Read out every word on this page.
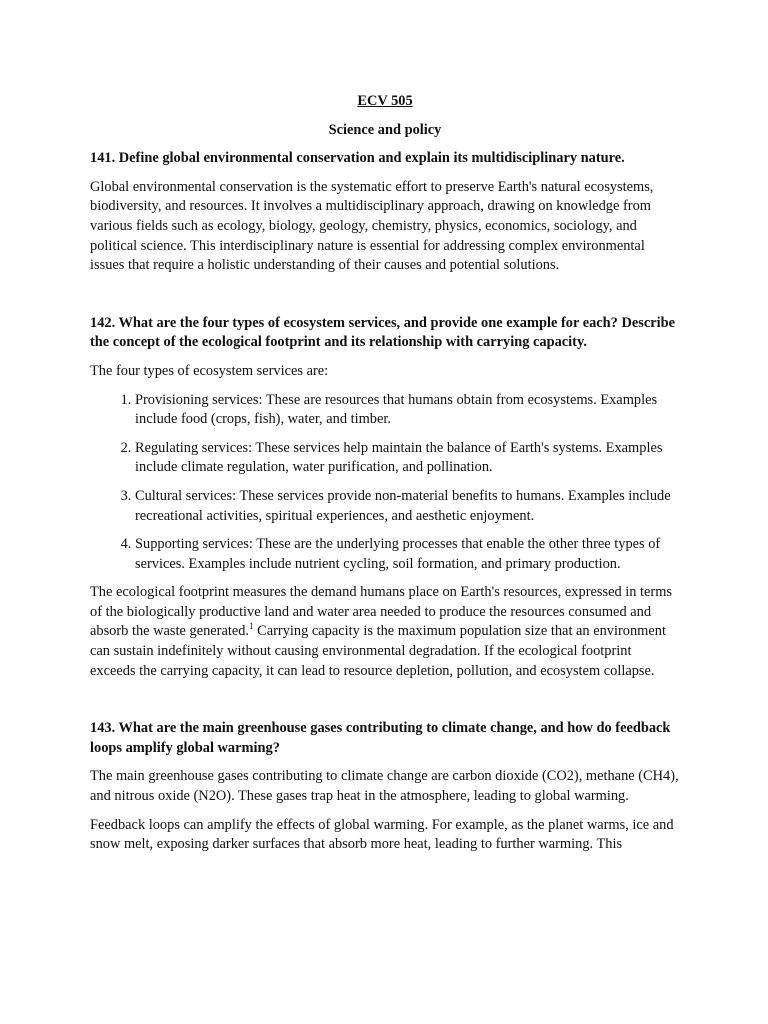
ECV 505

Science and policy

141. Define global environmental conservation and explain its multidisciplinary nature.

Global environmental conservation is the systematic effort to preserve Earth's natural ecosystems, biodiversity, and resources. It involves a multidisciplinary approach, drawing on knowledge from various fields such as ecology, biology, geology, chemistry, physics, economics, sociology, and political science. This interdisciplinary nature is essential for addressing complex environmental issues that require a holistic understanding of their causes and potential solutions.

142. What are the four types of ecosystem services, and provide one example for each? Describe the concept of the ecological footprint and its relationship with carrying capacity.

The four types of ecosystem services are:

1. Provisioning services: These are resources that humans obtain from ecosystems. Examples include food (crops, fish), water, and timber.
2. Regulating services: These services help maintain the balance of Earth's systems. Examples include climate regulation, water purification, and pollination.
3. Cultural services: These services provide non-material benefits to humans. Examples include recreational activities, spiritual experiences, and aesthetic enjoyment.
4. Supporting services: These are the underlying processes that enable the other three types of services. Examples include nutrient cycling, soil formation, and primary production.

The ecological footprint measures the demand humans place on Earth's resources, expressed in terms of the biologically productive land and water area needed to produce the resources consumed and absorb the waste generated.$^1$ Carrying capacity is the maximum population size that an environment can sustain indefinitely without causing environmental degradation. If the ecological footprint exceeds the carrying capacity, it can lead to resource depletion, pollution, and ecosystem collapse.

143. What are the main greenhouse gases contributing to climate change, and how do feedback loops amplify global warming?

The main greenhouse gases contributing to climate change are carbon dioxide (CO2), methane (CH4), and nitrous oxide (N2O). These gases trap heat in the atmosphere, leading to global warming.

Feedback loops can amplify the effects of global warming. For example, as the planet warms, ice and snow melt, exposing darker surfaces that absorb more heat, leading to further warming. This
